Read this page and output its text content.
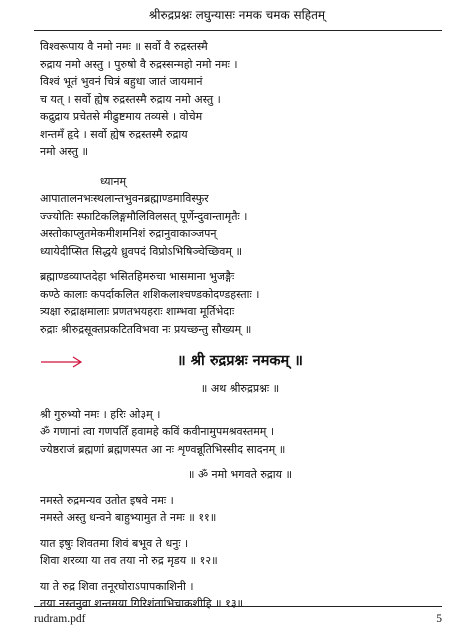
श्रीरुद्रप्रश्नः लघुन्यासः नमक चमक सहितम्
विश्वरूपाय वै नमो नमः ॥ सर्वो वै रुद्रस्तस्मै
रुद्राय नमो अस्तु । पुरुषो वै रुद्रस्सन्महो नमो नमः ।
विश्वं भूतं भुवनं चित्रं बहुधा जातं जायमानं
च यत् । सर्वो ह्येष रुद्रस्तस्मै रुद्राय नमो अस्तु ।
कद्रुद्राय प्रचेतसे मीढुष्टमाय तव्यसे । वोचेम
शन्तम हृदे । सर्वो ह्येष रुद्रस्तस्मै रुद्राय
नमो अस्तु ॥
ध्यानम्
आपातालनभःस्थलान्तभुवनब्रह्माण्डमाविस्फुर
ज्ज्योतिः स्फाटिकलिङ्गमौलिविलसत् पूर्णेन्दुवान्तामृतैः ।
अस्तोकाप्लुतमेकमीशमनिशं रुद्रानुवाकाञ्जपन्
ध्यायेदीप्सित सिद्धये ध्रुवपदं विप्रोऽभिषिञ्चेच्छिवम् ॥
ब्रह्माण्डव्याप्तदेहा भसितहिमरुचा भासमाना भुजङ्गैः
कण्ठे कालाः कपर्दाकलित शशिकलाश्चण्डकोदण्डहस्ताः ।
त्र्यक्षा रुद्राक्षमालाः प्रणतभयहराः शाम्भवा मूर्तिभेदाः
रुद्राः श्रीरुद्रसूक्तप्रकटितविभवा नः प्रयच्छन्तु सौख्यम् ॥
॥ श्री रुद्रप्रश्नः नमकम् ॥
॥ अथ श्रीरुद्रप्रश्नः ॥
श्री गुरुभ्यो नमः । हरिः ओ३म् ।
ॐ गणानां त्वा गणपति हवामहे कविं कवीनामुपमश्रवस्तमम् ।
ज्येष्ठराजं ब्रह्मणां ब्रह्मणस्पत आ नः शृण्वन्नूतिभिस्सीद सादनम् ॥
॥ ॐ नमो भगवते रुद्राय ॥
नमस्ते रुद्रमन्यव उतोत इषवे नमः ।
नमस्ते अस्तु धन्वने बाहुभ्यामुत ते नमः ॥ ११॥
यात इषुः शिवतमा शिवं बभूव ते धनुः ।
शिवा शरव्या या तव तया नो रुद्र मृडय ॥ १२॥
या ते रुद्र शिवा तनूरघोराऽपापकाशिनी ।
तया नस्तनुवा शन्तमया गिरिशंताभिचाकशीहि ॥ १३॥
rudram.pdf	5
